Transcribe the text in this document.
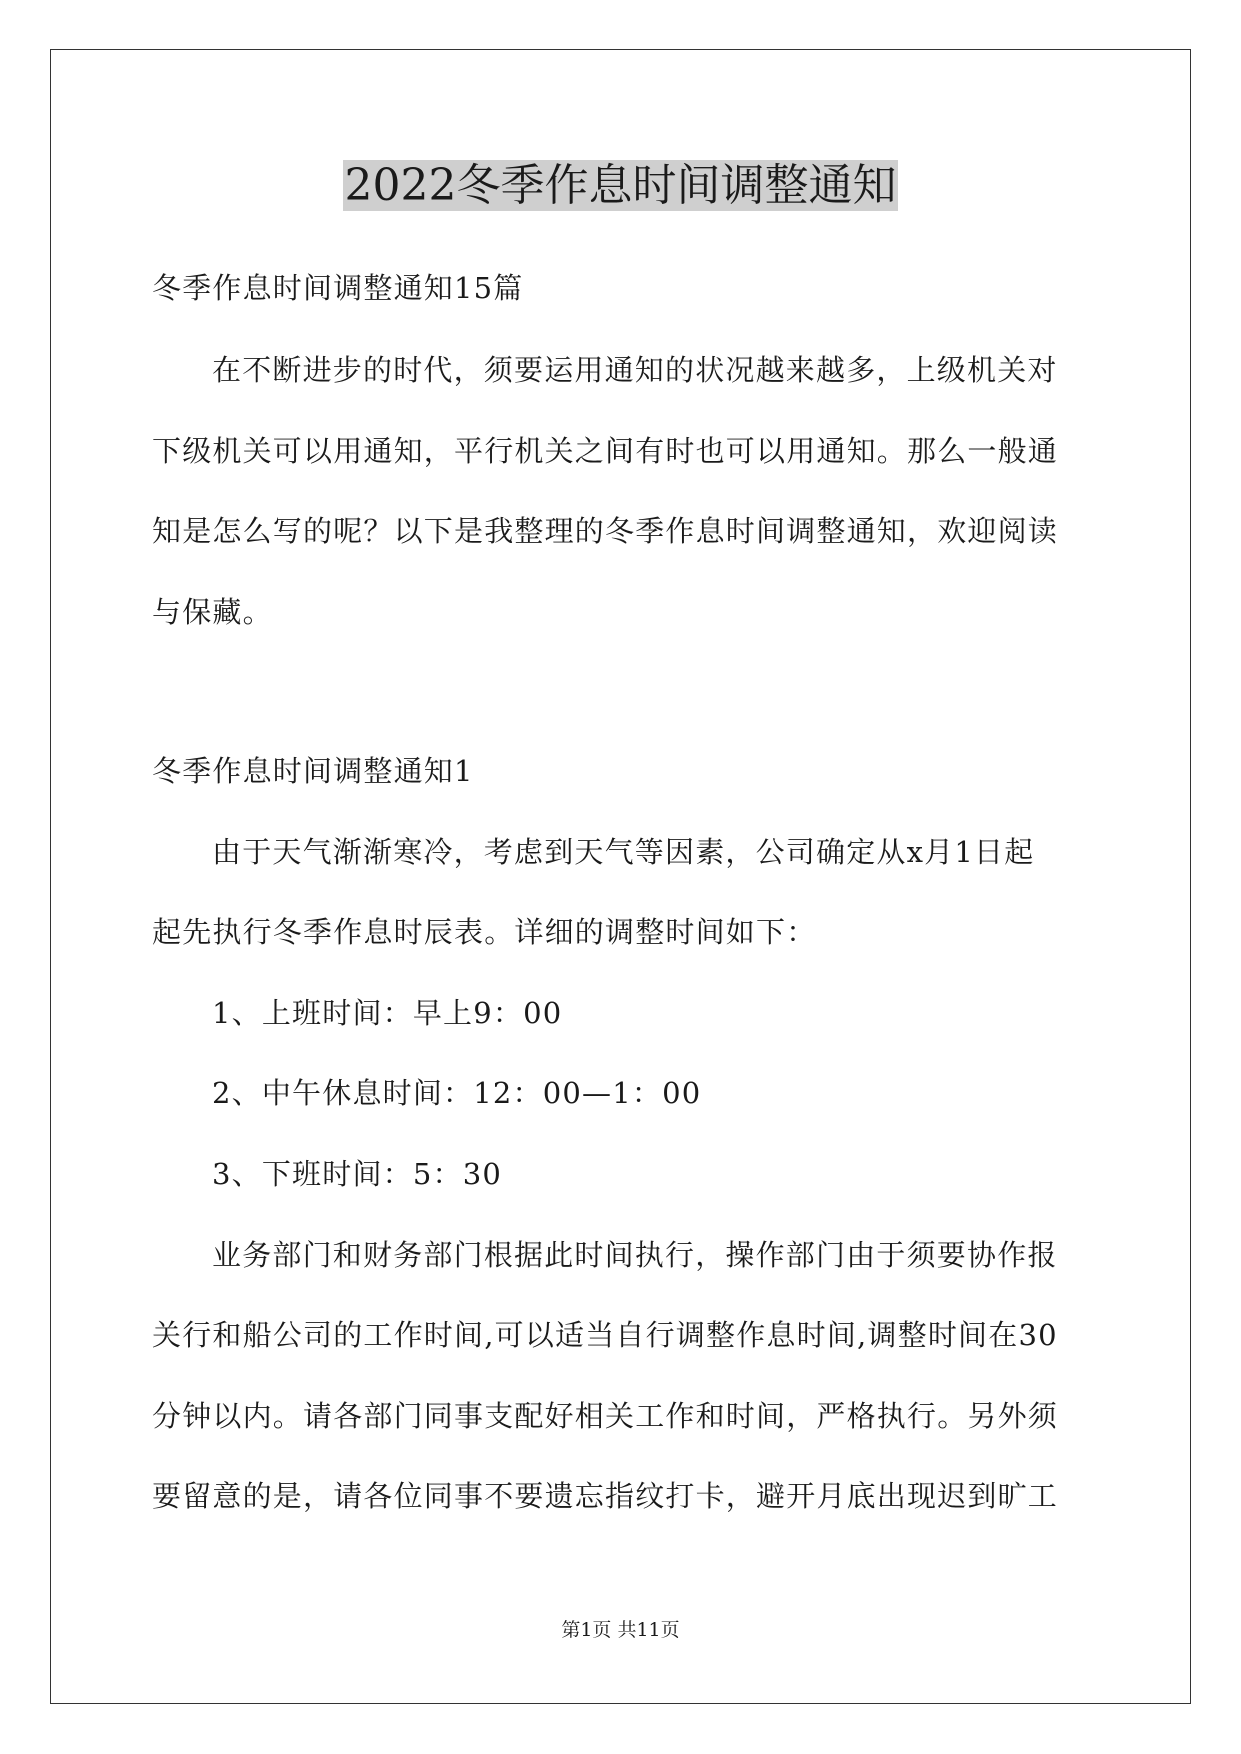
2022冬季作息时间调整通知
冬季作息时间调整通知15篇
在不断进步的时代，须要运用通知的状况越来越多，上级机关对
下级机关可以用通知，平行机关之间有时也可以用通知。那么一般通
知是怎么写的呢？以下是我整理的冬季作息时间调整通知，欢迎阅读
与保藏。
冬季作息时间调整通知1
由于天气渐渐寒冷，考虑到天气等因素，公司确定从x月1日起
起先执行冬季作息时辰表。详细的调整时间如下：
1、上班时间：早上9：00
2、中午休息时间：12：00—1：00
3、下班时间：5：30
业务部门和财务部门根据此时间执行，操作部门由于须要协作报
关行和船公司的工作时间,可以适当自行调整作息时间,调整时间在30
分钟以内。请各部门同事支配好相关工作和时间，严格执行。另外须
要留意的是，请各位同事不要遗忘指纹打卡，避开月底出现迟到旷工
第1页 共11页
